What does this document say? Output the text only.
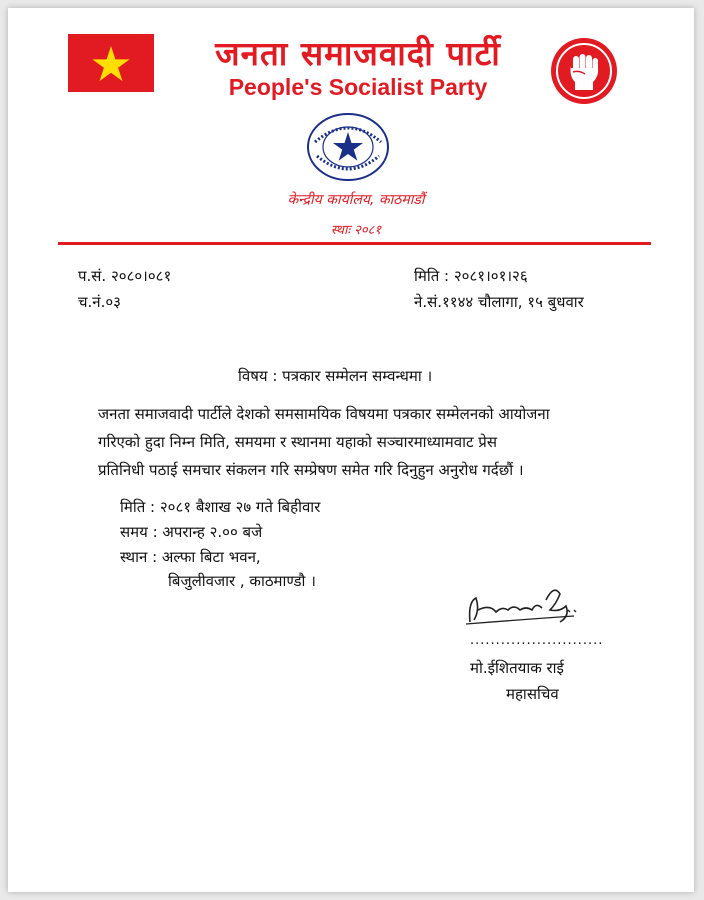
जनता समाजवादी पार्टी
People's Socialist Party
केन्द्रीय कार्यालय, काठमाडौं
स्थाः २०८१
प.सं. २०८०।०८१
च.नं.०३
मिति : २०८१।०१।२६
ने.सं.११४४ चौलागा, १५ बुधवार
विषय : पत्रकार सम्मेलन सम्वन्धमा ।
जनता समाजवादी पार्टीले देशको समसामयिक विषयमा पत्रकार सम्मेलनको आयोजना
गरिएको हुदा निम्न मिति, समयमा र स्थानमा यहाको सञ्चारमाध्यामवाट प्रेस
प्रतिनिधी पठाई समचार संकलन गरि सम्प्रेषण समेत गरि दिनुहुन अनुरोध गर्दछौं ।
मिति : २०८१ बैशाख २७ गते बिहीवार
समय : अपरान्ह २.०० बजे
स्थान : अल्फा बिटा भवन,
बिजुलीवजार , काठमाण्डौ ।
..........................
मो.ईशितयाक राई
महासचिव
